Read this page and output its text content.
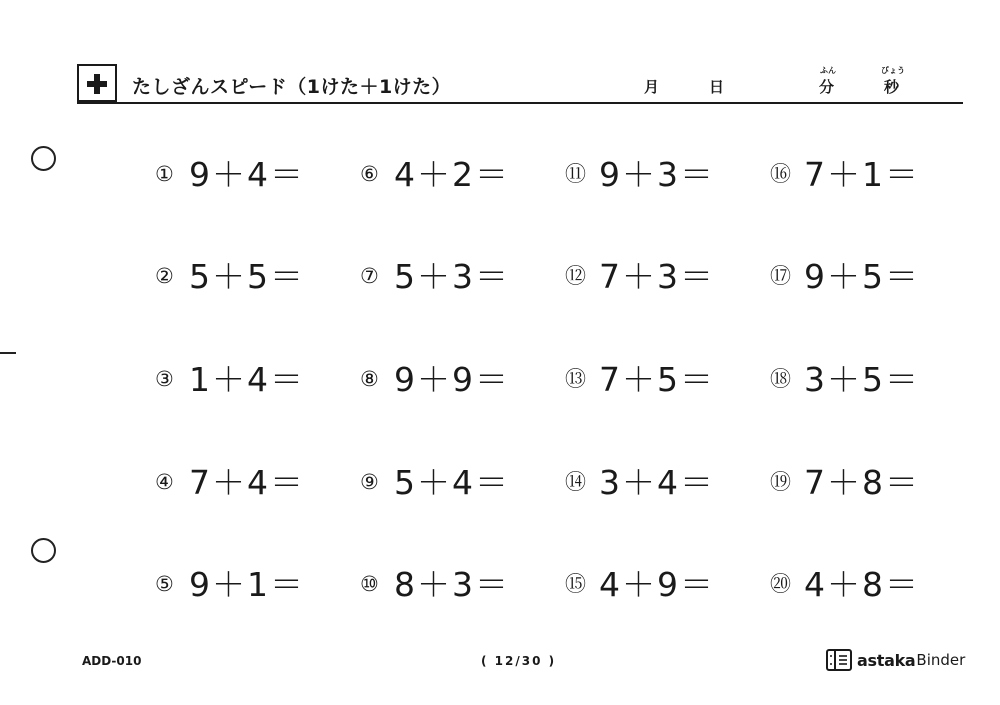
たしざんスピード（1けた＋1けた）	月	日
ふん
分
びょう
秒
① 9＋4＝
② 5＋5＝
③ 1＋4＝
④ 7＋4＝
⑤ 9＋1＝
⑥ 4＋2＝
⑦ 5＋3＝
⑧ 9＋9＝
⑨ 5＋4＝
⑩ 8＋3＝
⑪ 9＋3＝
⑫ 7＋3＝
⑬ 7＋5＝
⑭ 3＋4＝
⑮ 4＋9＝
⑯ 7＋1＝
⑰ 9＋5＝
⑱ 3＋5＝
⑲ 7＋8＝
⑳ 4＋8＝
ADD-010	( 12/30 )	astaka Binder
